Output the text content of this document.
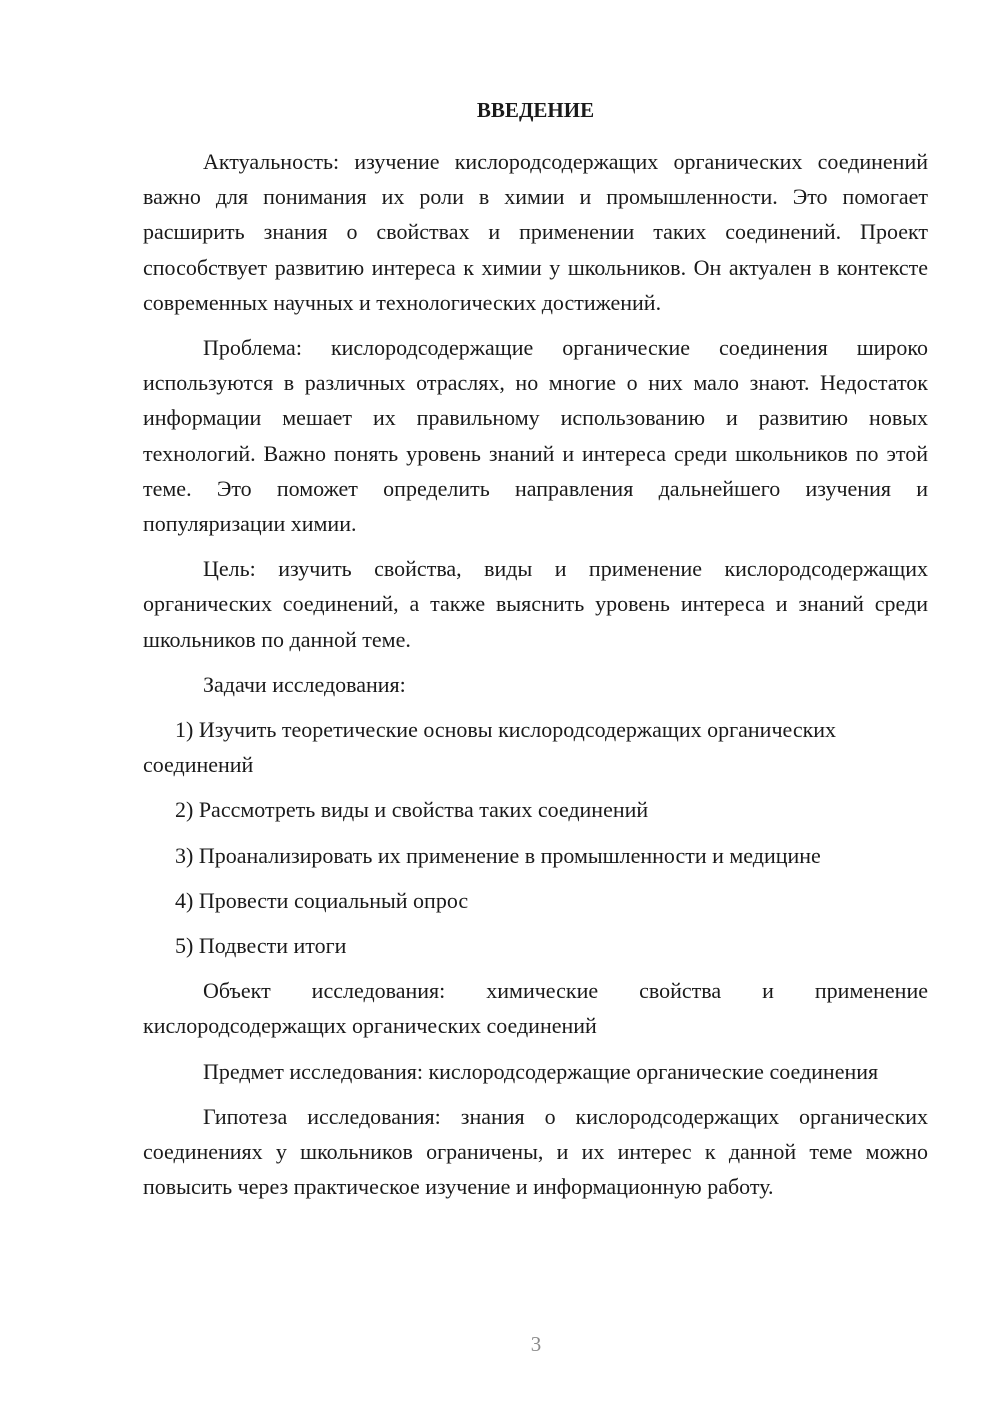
ВВЕДЕНИЕ

Актуальность: изучение кислородсодержащих органических соединений важно для понимания их роли в химии и промышленности. Это помогает расширить знания о свойствах и применении таких соединений. Проект способствует развитию интереса к химии у школьников. Он актуален в контексте современных научных и технологических достижений.

Проблема: кислородсодержащие органические соединения широко используются в различных отраслях, но многие о них мало знают. Недостаток информации мешает их правильному использованию и развитию новых технологий. Важно понять уровень знаний и интереса среди школьников по этой теме. Это поможет определить направления дальнейшего изучения и популяризации химии.

Цель: изучить свойства, виды и применение кислородсодержащих органических соединений, а также выяснить уровень интереса и знаний среди школьников по данной теме.

Задачи исследования:

1) Изучить теоретические основы кислородсодержащих органических соединений

2) Рассмотреть виды и свойства таких соединений

3) Проанализировать их применение в промышленности и медицине

4) Провести социальный опрос

5) Подвести итоги

Объект исследования: химические свойства и применение кислородсодержащих органических соединений

Предмет исследования: кислородсодержащие органические соединения

Гипотеза исследования: знания о кислородсодержащих органических соединениях у школьников ограничены, и их интерес к данной теме можно повысить через практическое изучение и информационную работу.

3
